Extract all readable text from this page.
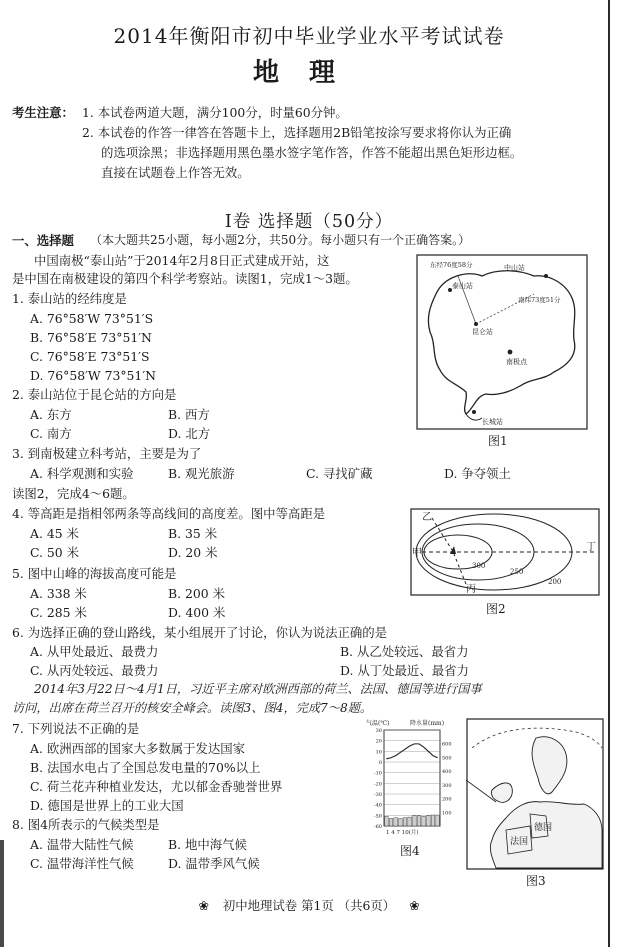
2014年衡阳市初中毕业学业水平考试试卷
地理
考生注意： 1. 本试卷两道大题，满分100分，时量60分钟。
2. 本试卷的作答一律答在答题卡上，选择题用2B铅笔按涂写要求将你认为正确
的选项涂黑；非选择题用黑色墨水签字笔作答，作答不能超出黑色矩形边框。
直接在试题卷上作答无效。
Ⅰ卷 选择题（50分）
一、选择题 （本大题共25小题，每小题2分，共50分。每小题只有一个正确答案。）
中国南极“泰山站”于2014年2月8日正式建成开站，这
是中国在南极建设的第四个科学考察站。读图1，完成1～3题。
1. 泰山站的经纬度是
A. 76°58′W 73°51′S
B. 76°58′E 73°51′N
C. 76°58′E 73°51′S
D. 76°58′W 73°51′N
2. 泰山站位于昆仑站的方向是
A. 东方	B. 西方
C. 南方	D. 北方
3. 到南极建立科考站，主要是为了
A. 科学观测和实验	B. 观光旅游	C. 寻找矿藏	D. 争夺领土
读图2，完成4～6题。
4. 等高距是指相邻两条等高线间的高度差。图中等高距是
A. 45 米	B. 35 米
C. 50 米	D. 20 米
5. 图中山峰的海拔高度可能是
A. 338 米	B. 200 米
C. 285 米	D. 400 米
6. 为选择正确的登山路线，某小组展开了讨论，你认为说法正确的是
A. 从甲处最近、最费力	B. 从乙处较远、最省力
C. 从丙处较远、最费力	D. 从丁处最近、最省力
2014年3月22日～4月1日，习近平主席对欧洲西部的荷兰、法国、德国等进行国事
访问，出席在荷兰召开的核安全峰会。读图3、图4，完成7～8题。
7. 下列说法不正确的是
A. 欧洲西部的国家大多数属于发达国家
B. 法国水电占了全国总发电量的70%以上
C. 荷兰花卉种植业发达，尤以郁金香驰誉世界
D. 德国是世界上的工业大国
8. 图4所表示的气候类型是
A. 温带大陆性气候	B. 地中海气候
C. 温带海洋性气候	D. 温带季风气候
东经76度58分	中山站
泰山站
南纬73度51分
昆仑站
南极点
长城站
图1
乙
甲
丙
丁
300
250
200
图2
气温(℃)	降水量(mm)
30
20
10
0
-10
-20
-30
-40
-50
-60
600
500
400
300
200
100
1 4 7 10(月)
图4
德国
法国
图3
❀ 初中地理试卷 第1页 （共6页） ❀
